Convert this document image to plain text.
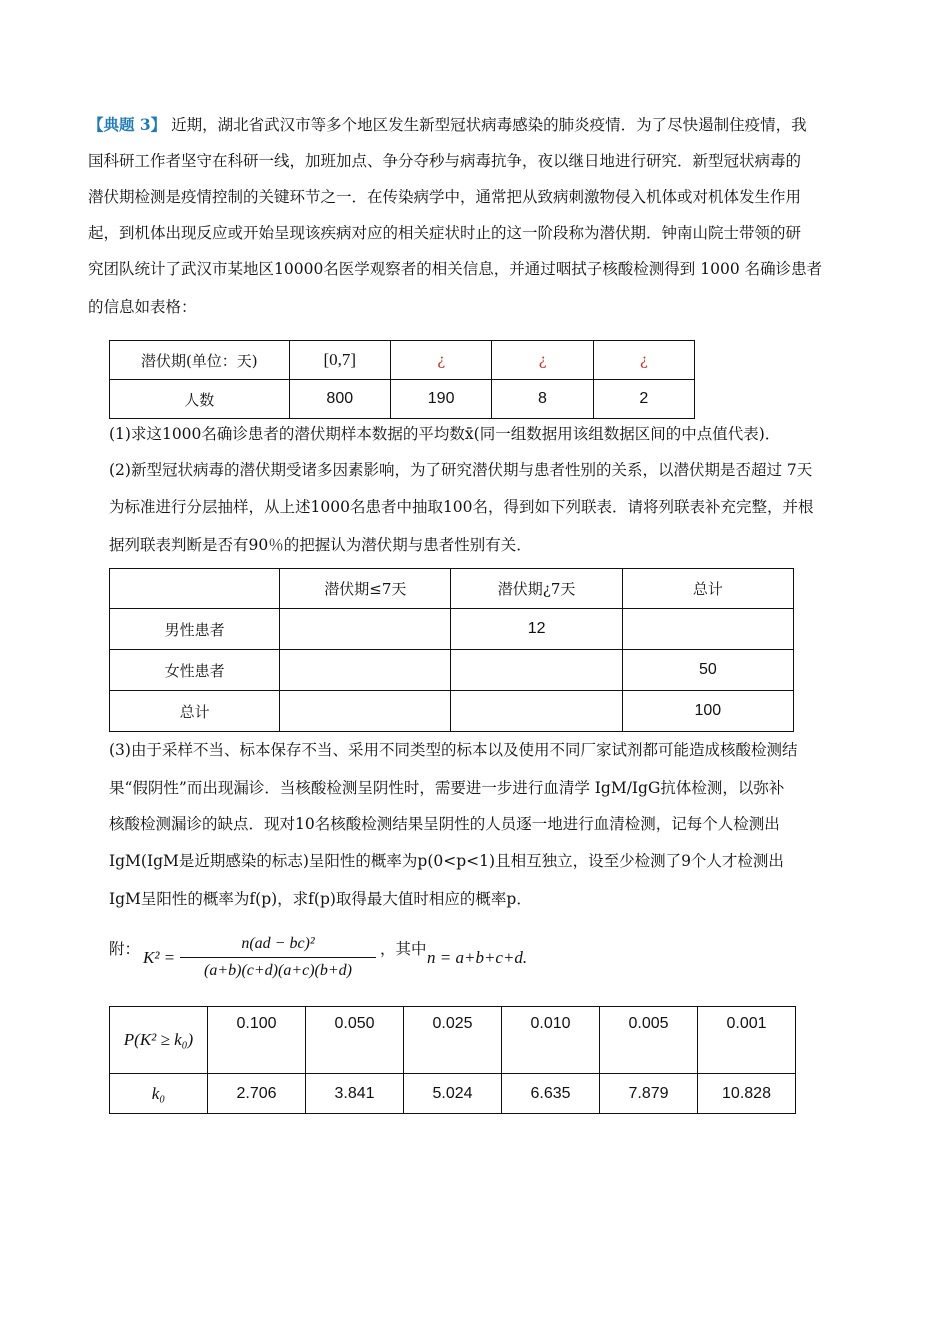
【典题 3】 近期，湖北省武汉市等多个地区发生新型冠状病毒感染的肺炎疫情．为了尽快遏制住疫情，我
国科研工作者坚守在科研一线，加班加点、争分夺秒与病毒抗争，夜以继日地进行研究．新型冠状病毒的
潜伏期检测是疫情控制的关键环节之一．在传染病学中，通常把从致病刺激物侵入机体或对机体发生作用
起，到机体出现反应或开始呈现该疾病对应的相关症状时止的这一阶段称为潜伏期．钟南山院士带领的研
究团队统计了武汉市某地区10000名医学观察者的相关信息，并通过咽拭子核酸检测得到 1000 名确诊患者
的信息如表格：
潜伏期(单位：天)	[0,7]	¿	¿	¿
人数	800	190	8	2
(1)求这1000名确诊患者的潜伏期样本数据的平均数x̄(同一组数据用该组数据区间的中点值代表)．
(2)新型冠状病毒的潜伏期受诸多因素影响，为了研究潜伏期与患者性别的关系，以潜伏期是否超过 7天
为标准进行分层抽样，从上述1000名患者中抽取100名，得到如下列联表．请将列联表补充完整，并根
据列联表判断是否有90％的把握认为潜伏期与患者性别有关．
	潜伏期≤7天	潜伏期¿7天	总计
男性患者		12	
女性患者			50
总计			100
(3)由于采样不当、标本保存不当、采用不同类型的标本以及使用不同厂家试剂都可能造成核酸检测结
果“假阴性”而出现漏诊．当核酸检测呈阴性时，需要进一步进行血清学 IgM/IgG抗体检测，以弥补
核酸检测漏诊的缺点．现对10名核酸检测结果呈阴性的人员逐一地进行血清检测，记每个人检测出
IgM(IgM是近期感染的标志)呈阳性的概率为p(0<p<1)且相互独立，设至少检测了9个人才检测出
IgM呈阳性的概率为f(p)，求f(p)取得最大值时相应的概率p．
附： K² =
n(ad − bc)²
(a+b)(c+d)(a+c)(b+d)
，其中 n = a+b+c+d.
P(K² ≥ k₀)	0.100	0.050	0.025	0.010	0.005	0.001
k₀	2.706	3.841	5.024	6.635	7.879	10.828
